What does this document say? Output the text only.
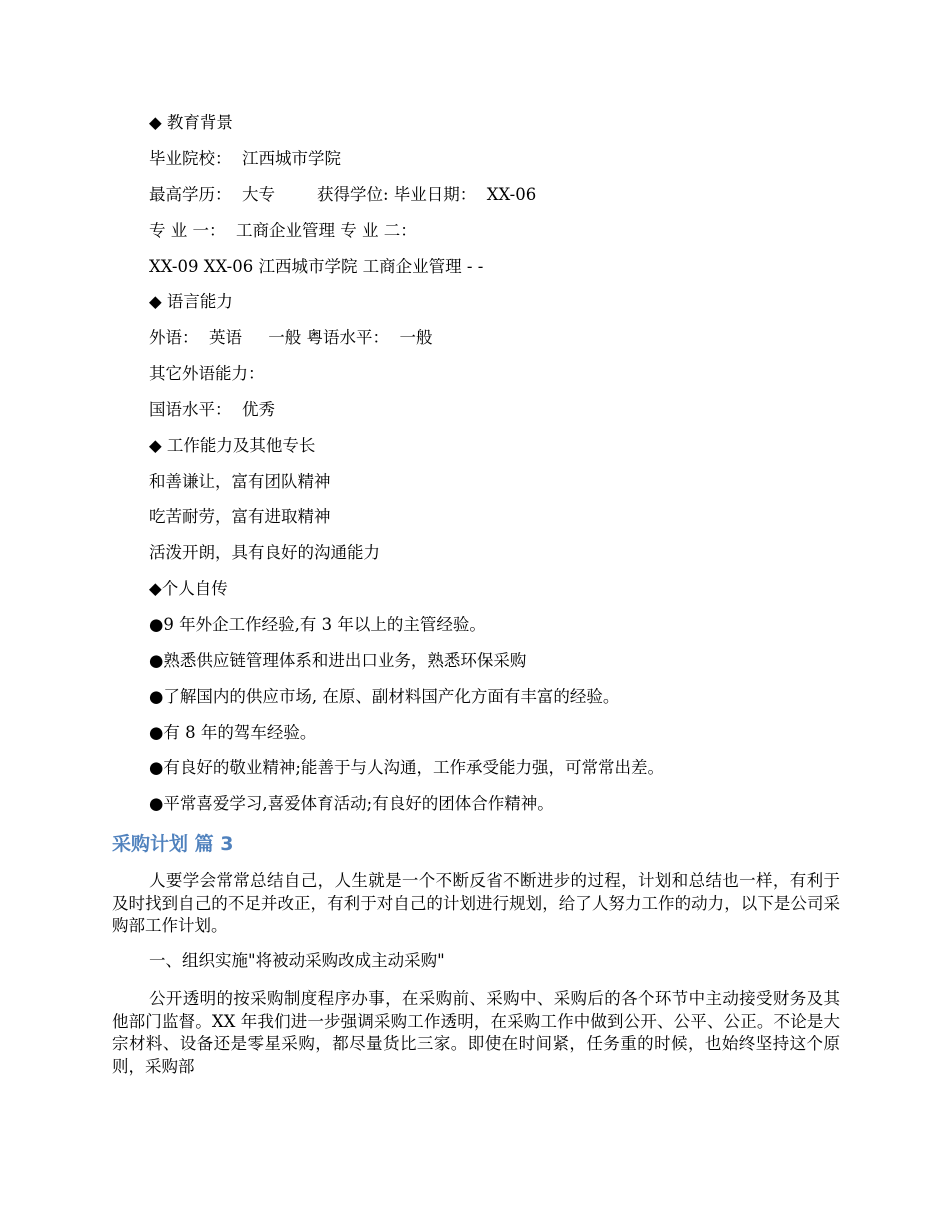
◆ 教育背景
毕业院校：  江西城市学院
最高学历：  大专        获得学位: 毕业日期：  XX-06
专 业 一：  工商企业管理 专 业 二：
XX-09 XX-06 江西城市学院 工商企业管理 - -
◆ 语言能力
外语：  英语     一般 粤语水平：  一般
其它外语能力：
国语水平：  优秀
◆ 工作能力及其他专长
和善谦让，富有团队精神
吃苦耐劳，富有进取精神
活泼开朗，具有良好的沟通能力
◆个人自传
●9 年外企工作经验,有 3 年以上的主管经验。
●熟悉供应链管理体系和进出口业务，熟悉环保采购
●了解国内的供应市场, 在原、副材料国产化方面有丰富的经验。
●有 8 年的驾车经验。
●有良好的敬业精神;能善于与人沟通，工作承受能力强，可常常出差。
●平常喜爱学习,喜爱体育活动;有良好的团体合作精神。
采购计划 篇 3
人要学会常常总结自己，人生就是一个不断反省不断进步的过程，计划和总结也一样，有利于及时找到自己的不足并改正，有利于对自己的计划进行规划，给了人努力工作的动力，以下是公司采购部工作计划。
一、组织实施"将被动采购改成主动采购"
公开透明的按采购制度程序办事，在采购前、采购中、采购后的各个环节中主动接受财务及其他部门监督。XX 年我们进一步强调采购工作透明，在采购工作中做到公开、公平、公正。不论是大宗材料、设备还是零星采购，都尽量货比三家。即使在时间紧，任务重的时候，也始终坚持这个原则，采购部
